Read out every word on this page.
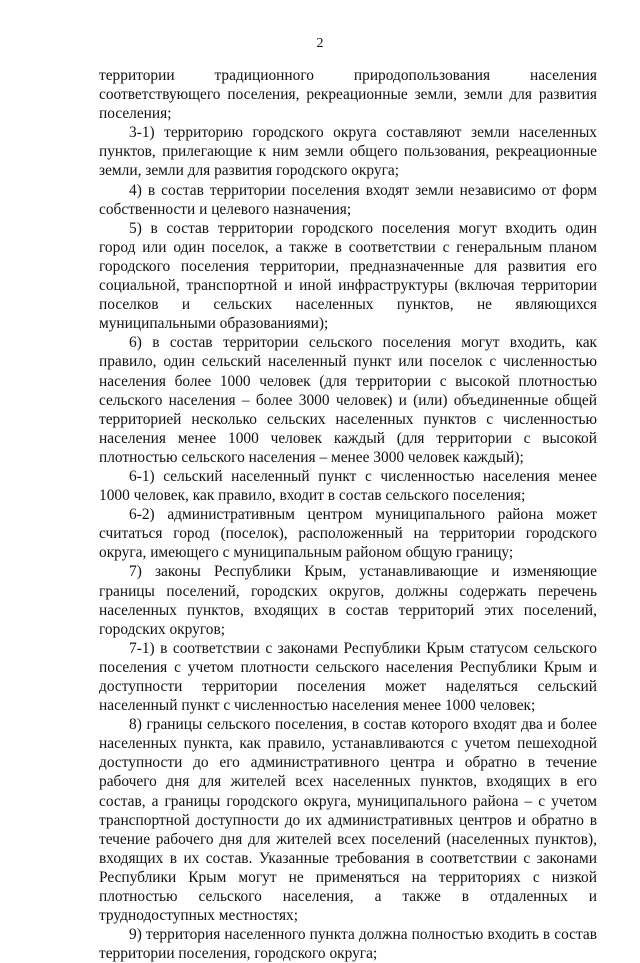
2

территории традиционного природопользования населения соответствующего поселения, рекреационные земли, земли для развития поселения;

3-1) территорию городского округа составляют земли населенных пунктов, прилегающие к ним земли общего пользования, рекреационные земли, земли для развития городского округа;

4) в состав территории поселения входят земли независимо от форм собственности и целевого назначения;

5) в состав территории городского поселения могут входить один город или один поселок, а также в соответствии с генеральным планом городского поселения территории, предназначенные для развития его социальной, транспортной и иной инфраструктуры (включая территории поселков и сельских населенных пунктов, не являющихся муниципальными образованиями);

6) в состав территории сельского поселения могут входить, как правило, один сельский населенный пункт или поселок с численностью населения более 1000 человек (для территории с высокой плотностью сельского населения – более 3000 человек) и (или) объединенные общей территорией несколько сельских населенных пунктов с численностью населения менее 1000 человек каждый (для территории с высокой плотностью сельского населения – менее 3000 человек каждый);

6-1) сельский населенный пункт с численностью населения менее 1000 человек, как правило, входит в состав сельского поселения;

6-2) административным центром муниципального района может считаться город (поселок), расположенный на территории городского округа, имеющего с муниципальным районом общую границу;

7) законы Республики Крым, устанавливающие и изменяющие границы поселений, городских округов, должны содержать перечень населенных пунктов, входящих в состав территорий этих поселений, городских округов;

7-1) в соответствии с законами Республики Крым статусом сельского поселения с учетом плотности сельского населения Республики Крым и доступности территории поселения может наделяться сельский населенный пункт с численностью населения менее 1000 человек;

8) границы сельского поселения, в состав которого входят два и более населенных пункта, как правило, устанавливаются с учетом пешеходной доступности до его административного центра и обратно в течение рабочего дня для жителей всех населенных пунктов, входящих в его состав, а границы городского округа, муниципального района – с учетом транспортной доступности до их административных центров и обратно в течение рабочего дня для жителей всех поселений (населенных пунктов), входящих в их состав. Указанные требования в соответствии с законами Республики Крым могут не применяться на территориях с низкой плотностью сельского населения, а также в отдаленных и труднодоступных местностях;

9) территория населенного пункта должна полностью входить в состав территории поселения, городского округа;
